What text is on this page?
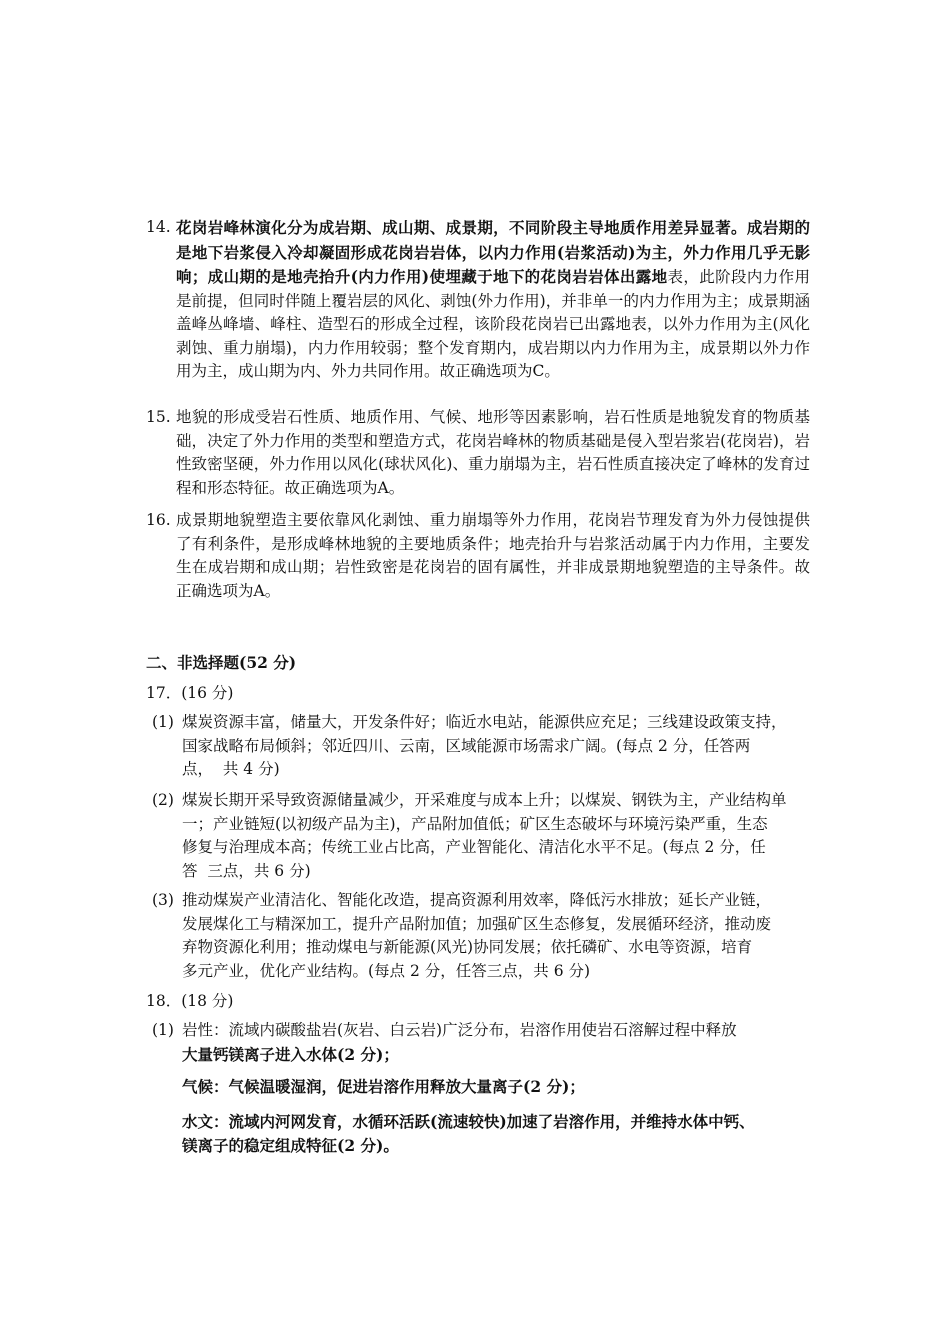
14. 花岗岩峰林演化分为成岩期、成山期、成景期，不同阶段主导地质作用差异显著。成岩期的是地下岩浆侵入冷却凝固形成花岗岩岩体，以内力作用(岩浆活动)为主，外力作用几乎无影响；成山期的是地壳抬升(内力作用)使埋藏于地下的花岗岩岩体出露地表，此阶段内力作用是前提，但同时伴随上覆岩层的风化、剥蚀(外力作用)，并非单一的内力作用为主；成景期涵盖峰丛峰墙、峰柱、造型石的形成全过程，该阶段花岗岩已出露地表，以外力作用为主(风化剥蚀、重力崩塌)，内力作用较弱；整个发育期内，成岩期以内力作用为主，成景期以外力作用为主，成山期为内、外力共同作用。故正确选项为C。
15. 地貌的形成受岩石性质、地质作用、气候、地形等因素影响，岩石性质是地貌发育的物质基础，决定了外力作用的类型和塑造方式，花岗岩峰林的物质基础是侵入型岩浆岩(花岗岩)，岩性致密坚硬，外力作用以风化(球状风化)、重力崩塌为主，岩石性质直接决定了峰林的发育过程和形态特征。故正确选项为A。
16. 成景期地貌塑造主要依靠风化剥蚀、重力崩塌等外力作用，花岗岩节理发育为外力侵蚀提供了有利条件，是形成峰林地貌的主要地质条件；地壳抬升与岩浆活动属于内力作用，主要发生在成岩期和成山期；岩性致密是花岗岩的固有属性，并非成景期地貌塑造的主导条件。故正确选项为A。
二、非选择题(52 分)
17．(16 分)
(1) 煤炭资源丰富，储量大，开发条件好；临近水电站，能源供应充足；三线建设政策支持，
国家战略布局倾斜；邻近四川、云南，区域能源市场需求广阔。(每点 2 分，任答两
点，  共 4 分)
(2) 煤炭长期开采导致资源储量减少，开采难度与成本上升；以煤炭、钢铁为主，产业结构单
一；产业链短(以初级产品为主)，产品附加值低；矿区生态破坏与环境污染严重，生态
修复与治理成本高；传统工业占比高，产业智能化、清洁化水平不足。(每点 2 分，任
答  三点，共 6 分)
(3) 推动煤炭产业清洁化、智能化改造，提高资源利用效率，降低污水排放；延长产业链，
发展煤化工与精深加工，提升产品附加值；加强矿区生态修复，发展循环经济，推动废
弃物资源化利用；推动煤电与新能源(风光)协同发展；依托磷矿、水电等资源，培育
多元产业，优化产业结构。(每点 2 分，任答三点，共 6 分)
18．(18 分)
(1) 岩性：流域内碳酸盐岩(灰岩、白云岩)广泛分布，岩溶作用使岩石溶解过程中释放
大量钙镁离子进入水体(2 分)；
气候：气候温暖湿润，促进岩溶作用释放大量离子(2 分)；
水文：流域内河网发育，水循环活跃(流速较快)加速了岩溶作用，并维持水体中钙、
镁离子的稳定组成特征(2 分)。
